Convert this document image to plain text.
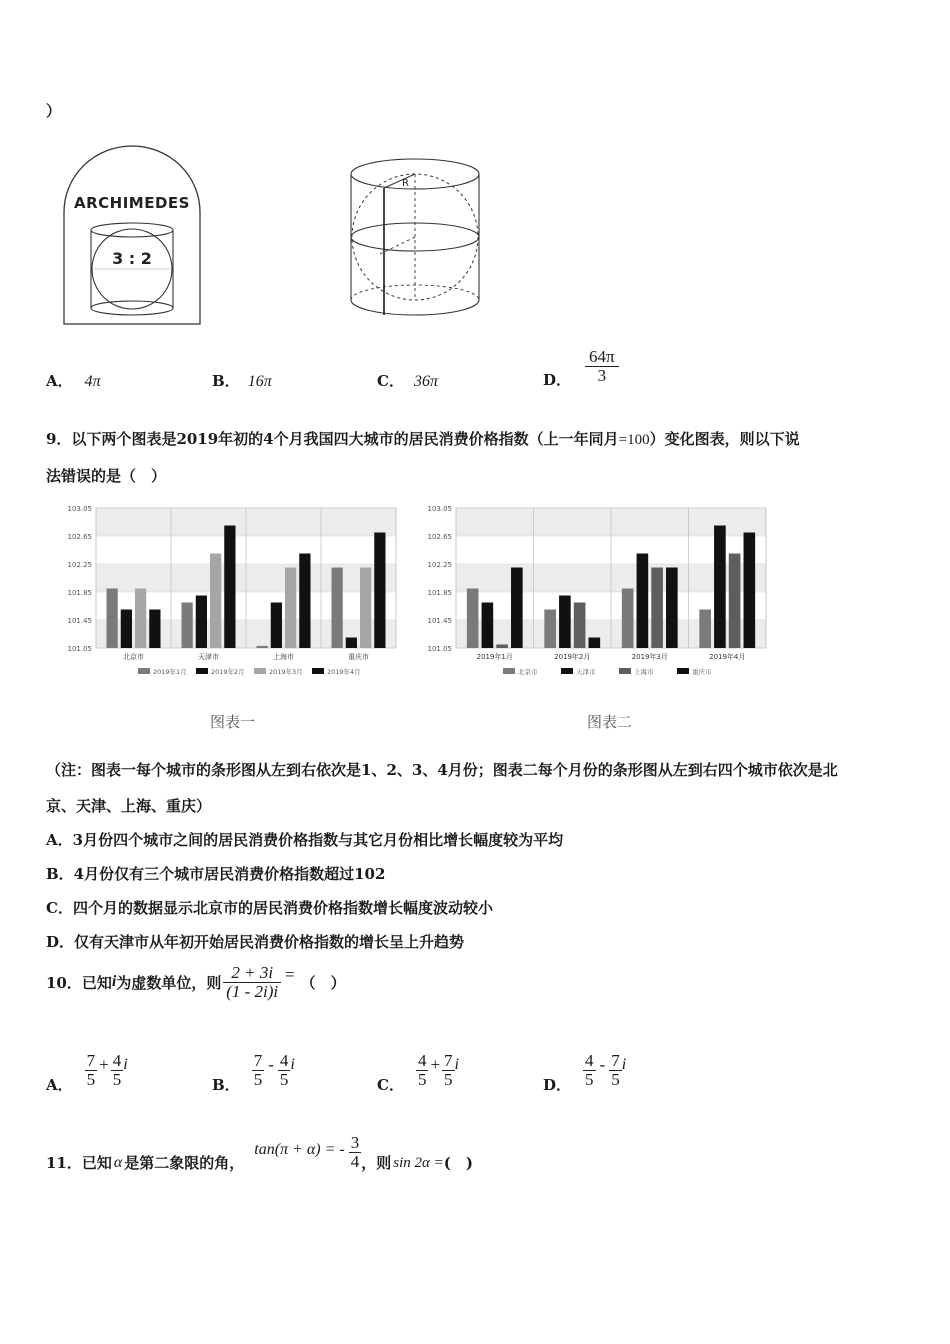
）
ARCHIMEDES
3 : 2
R
A． 4π	B． 16π	C． 36π	D． $\frac{64\pi}{3}$
9．以下两个图表是2019年初的4个月我国四大城市的居民消费价格指数（上一年同月=100）变化图表，则以下说
法错误的是（　）
103.05
102.65
102.25
101.85
101.45
101.05
北京市	天津市	上海市	重庆市
2019年1月	2019年2月	2019年3月	2019年4月
103.05
102.65
102.25
101.85
101.45
101.05
2019年1月	2019年2月	2019年3月	2019年4月
北京市	天津市	上海市	重庆市
图表一	图表二
（注：图表一每个城市的条形图从左到右依次是1、2、3、4月份；图表二每个月份的条形图从左到右四个城市依次是北
京、天津、上海、重庆）
A．3月份四个城市之间的居民消费价格指数与其它月份相比增长幅度较为平均
B．4月份仅有三个城市居民消费价格指数超过102
C．四个月的数据显示北京市的居民消费价格指数增长幅度波动较小
D．仅有天津市从年初开始居民消费价格指数的增长呈上升趋势
10．已知 i 为虚数单位，则 $\frac{2 + 3i}{(1 - 2i)i}$ = （　）
A． $\frac{7}{5} + \frac{4}{5}$ i
B． $\frac{7}{5} - \frac{4}{5}$ i
C． $\frac{4}{5} + \frac{7}{5}$ i
D． $\frac{4}{5} - \frac{7}{5}$ i
11．已知 α 是第二象限的角，
tan(π + α) = - $\frac{3}{4}$ ，则 sin 2α = (　)
